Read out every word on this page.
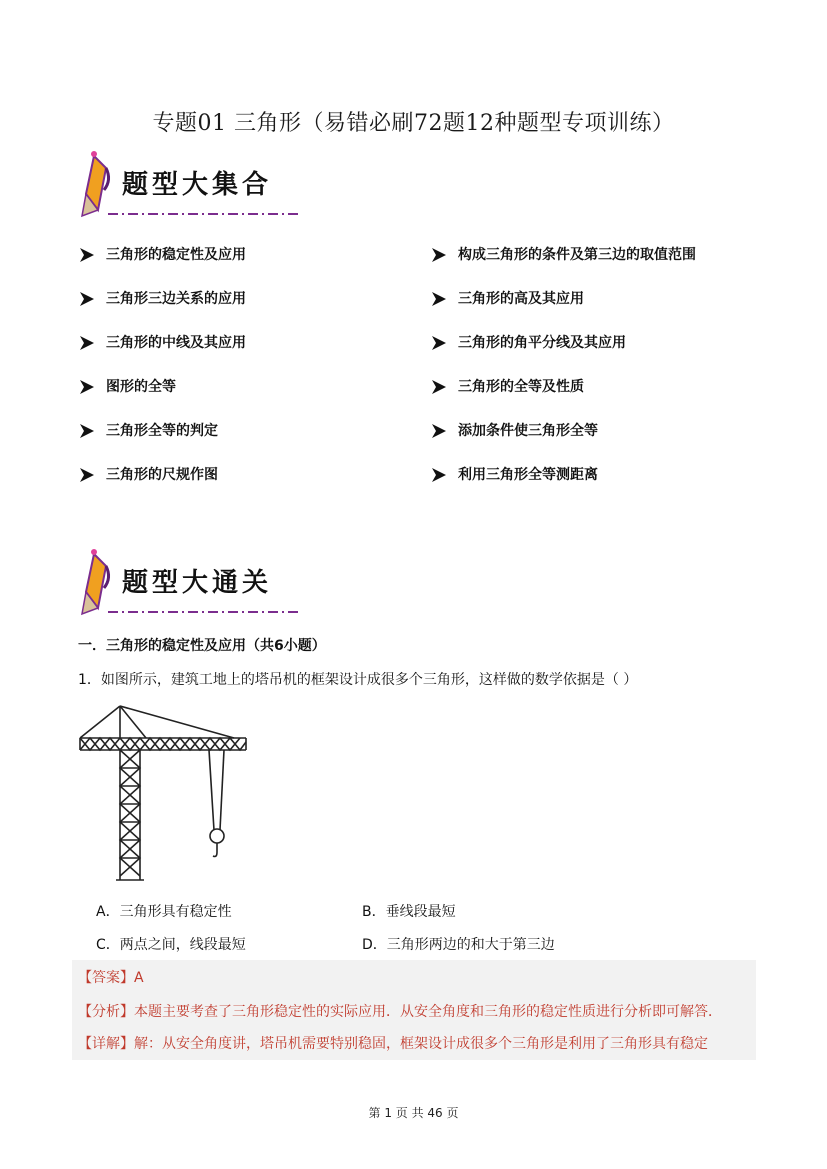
专题01 三角形（易错必刷72题12种题型专项训练）
题型大集合
三角形的稳定性及应用	构成三角形的条件及第三边的取值范围
三角形三边关系的应用	三角形的高及其应用
三角形的中线及其应用	三角形的角平分线及其应用
图形的全等	三角形的全等及性质
三角形全等的判定	添加条件使三角形全等
三角形的尺规作图	利用三角形全等测距离
题型大通关
一．三角形的稳定性及应用（共6小题）
1．如图所示，建筑工地上的塔吊机的框架设计成很多个三角形，这样做的数学依据是（ ）
A．三角形具有稳定性	B．垂线段最短
C．两点之间，线段最短	D．三角形两边的和大于第三边
【答案】A
【分析】本题主要考查了三角形稳定性的实际应用．从安全角度和三角形的稳定性质进行分析即可解答．
【详解】解：从安全角度讲，塔吊机需要特别稳固，框架设计成很多个三角形是利用了三角形具有稳定
第 1 页 共 46 页
